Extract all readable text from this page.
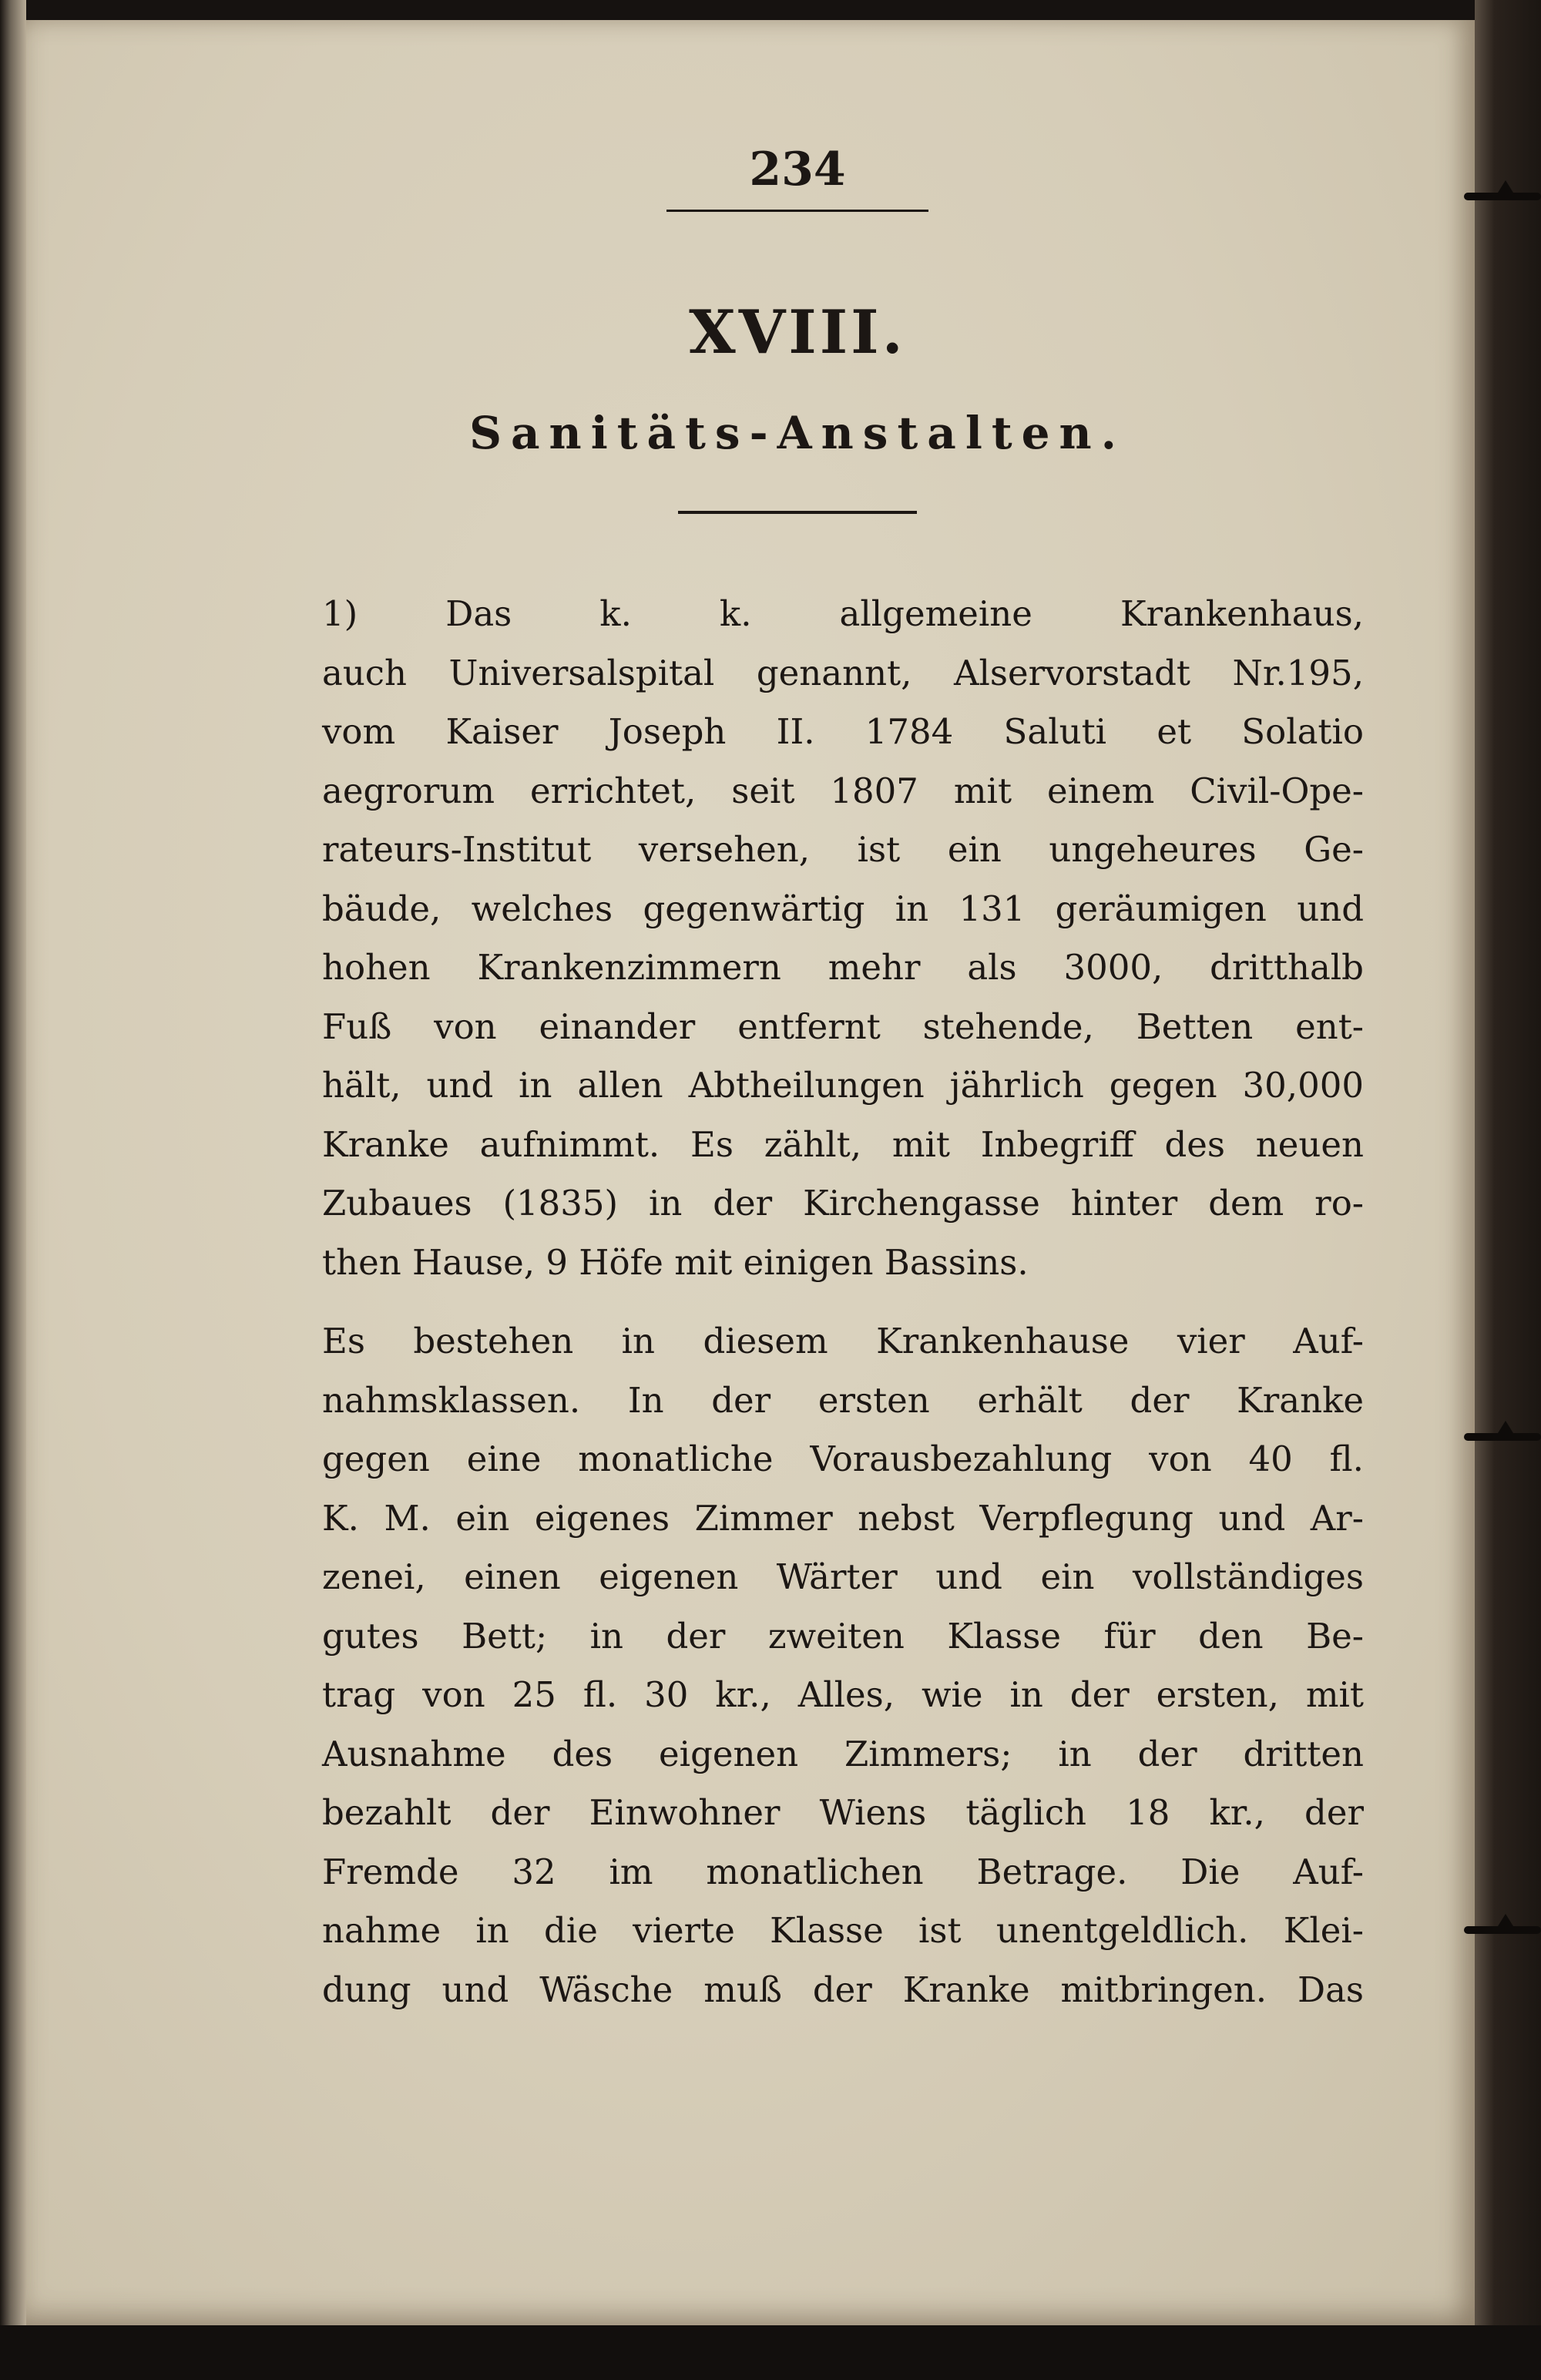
234
XVIII.
Sanitäts-Anstalten.
1) Das k. k. allgemeine Krankenhaus,
auch Universalspital genannt, Alservorstadt Nr.195,
vom Kaiser Joseph II. 1784 Saluti et Solatio
aegrorum errichtet, seit 1807 mit einem Civil-Ope-
rateurs-Institut versehen, ist ein ungeheures Ge-
bäude, welches gegenwärtig in 131 geräumigen und
hohen Krankenzimmern mehr als 3000, dritthalb
Fuß von einander entfernt stehende, Betten ent-
hält, und in allen Abtheilungen jährlich gegen 30,000
Kranke aufnimmt. Es zählt, mit Inbegriff des neuen
Zubaues (1835) in der Kirchengasse hinter dem ro-
then Hause, 9 Höfe mit einigen Bassins.
Es bestehen in diesem Krankenhause vier Auf-
nahmsklassen. In der ersten erhält der Kranke
gegen eine monatliche Vorausbezahlung von 40 fl.
K. M. ein eigenes Zimmer nebst Verpflegung und Ar-
zenei, einen eigenen Wärter und ein vollständiges
gutes Bett; in der zweiten Klasse für den Be-
trag von 25 fl. 30 kr., Alles, wie in der ersten, mit
Ausnahme des eigenen Zimmers; in der dritten
bezahlt der Einwohner Wiens täglich 18 kr., der
Fremde 32 im monatlichen Betrage. Die Auf-
nahme in die vierte Klasse ist unentgeldlich. Klei-
dung und Wäsche muß der Kranke mitbringen. Das
